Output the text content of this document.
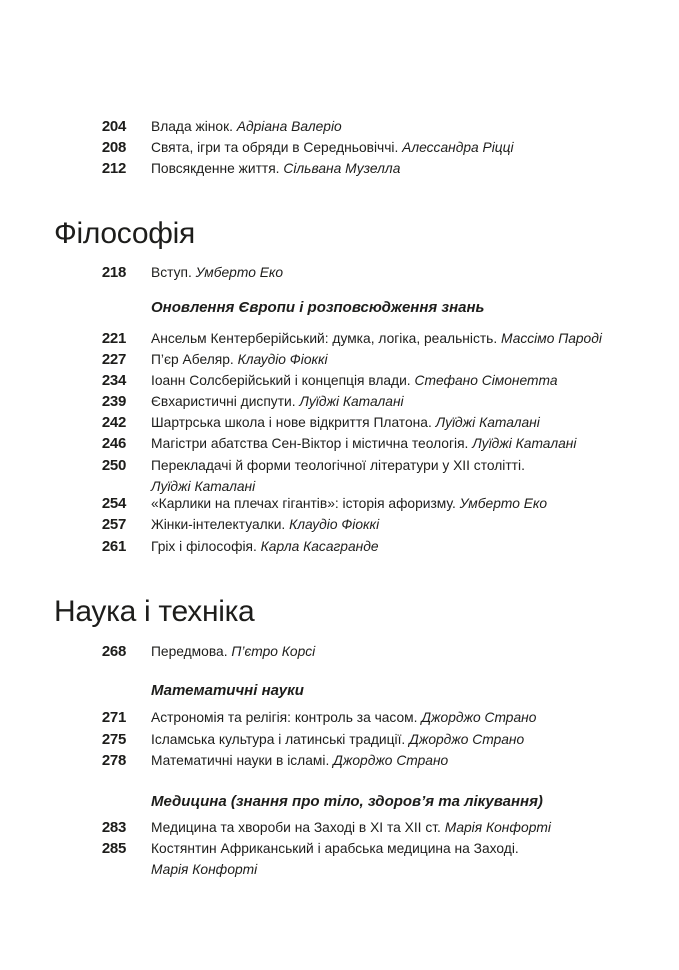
204 Влада жінок. Адріана Валеріо
208 Свята, ігри та обряди в Середньовіччі. Алессандра Ріцці
212 Повсякденне життя. Сільвана Музелла
Філософія
218 Вступ. Умберто Еко
Оновлення Європи і розповсюдження знань
221 Ансельм Кентерберійський: думка, логіка, реальність. Массімо Пароді
227 П’єр Абеляр. Клаудіо Фіоккі
234 Іоанн Солсберійський і концепція влади. Стефано Сімонетта
239 Євхаристичні диспути. Луїджі Каталані
242 Шартрська школа і нове відкриття Платона. Луїджі Каталані
246 Магістри абатства Сен-Віктор і містична теологія. Луїджі Каталані
250 Перекладачі й форми теологічної літератури у ХІІ столітті.
Луїджі Каталані
254 «Карлики на плечах гігантів»: історія афоризму. Умберто Еко
257 Жінки-інтелектуалки. Клаудіо Фіоккі
261 Гріх і філософія. Карла Касагранде
Наука і техніка
268 Передмова. П’єтро Корсі
Математичні науки
271 Астрономія та релігія: контроль за часом. Джорджо Страно
275 Ісламська культура і латинські традиції. Джорджо Страно
278 Математичні науки в ісламі. Джорджо Страно
Медицина (знання про тіло, здоров’я та лікування)
283 Медицина та хвороби на Заході в ХІ та ХІІ ст. Марія Конфорті
285 Костянтин Африканський і арабська медицина на Заході.
Марія Конфорті
